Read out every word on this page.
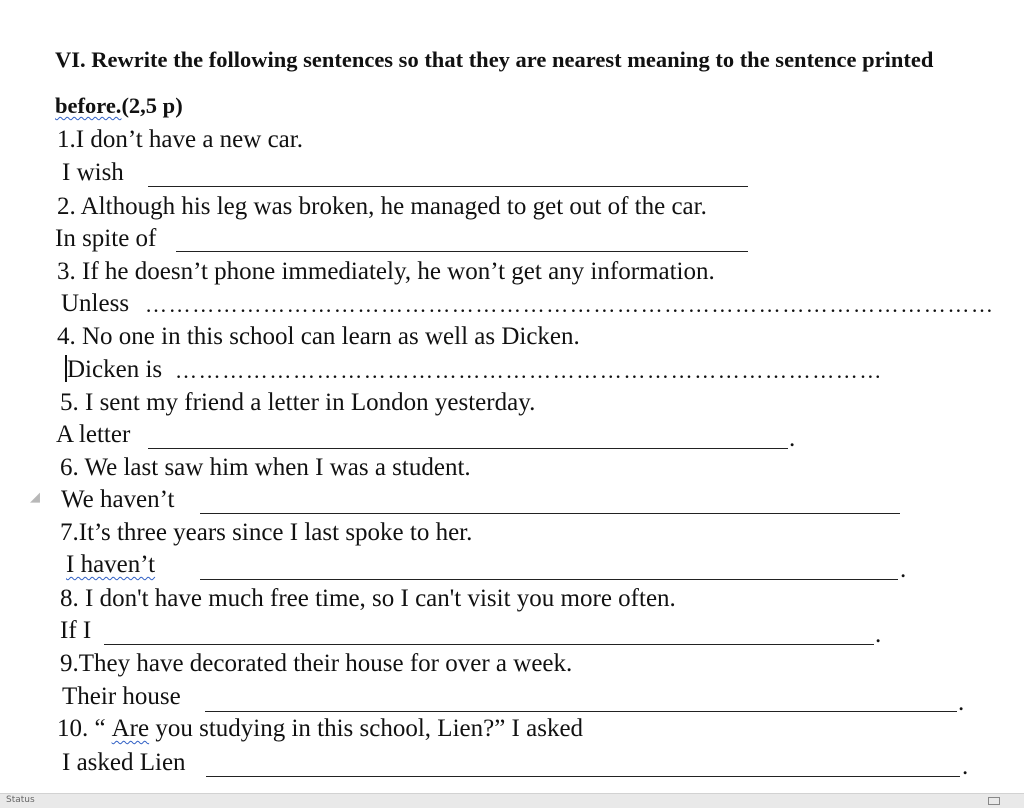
VI. Rewrite the following sentences so that they are nearest meaning to the sentence printed before.(2,5 p)
1.I don’t have a new car.
I wish
2. Although his leg was broken, he managed to get out of the car.
In spite of
3. If he doesn’t phone immediately, he won’t get any information.
Unless ………………………………………………………………………………………………
4. No one in this school can learn as well as Dicken.
Dicken is ………………………………………………………………………………
5. I sent my friend a letter in London yesterday.
A letter	.
6. We last saw him when I was a student.
◢ We haven’t
7.It’s three years since I last spoke to her.
I haven’t	.
8. I don't have much free time, so I can't visit you more often.
If I	.
9.They have decorated their house for over a week.
Their house	.
10. “ Are you studying in this school, Lien?” I asked
I asked Lien	.
Status
